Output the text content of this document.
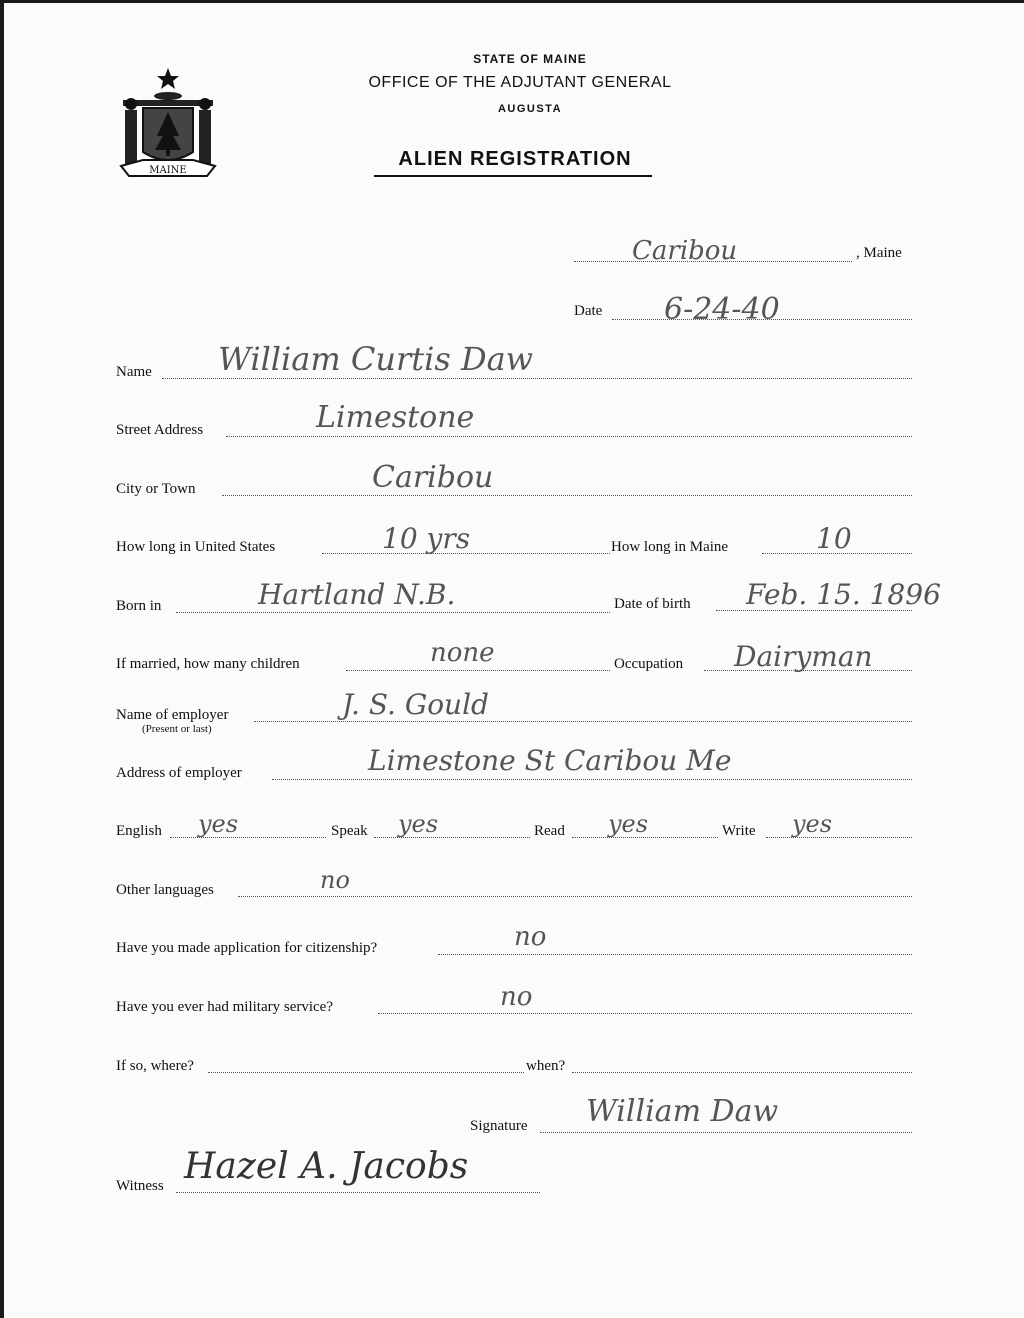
MAINE
STATE OF MAINE
OFFICE OF THE ADJUTANT GENERAL
AUGUSTA
ALIEN REGISTRATION
Caribou	, Maine
Date 6-24-40
Name William Curtis Daw
Street Address	Limestone
City or Town	Caribou
How long in United States	10 yrs	How long in Maine	10
Born in	Hartland N.B.	Date of birth Feb. 15. 1896
If married, how many children	none	Occupation Dairyman
Name of employer
(Present or last)
J. S. Gould
Address of employer	Limestone St Caribou Me
English yes	Speak yes	Read yes	Write yes
Other languages	no
Have you made application for citizenship?	no
Have you ever had military service?	no
If so, where?	when?
Signature William Daw
Witness Hazel A. Jacobs
